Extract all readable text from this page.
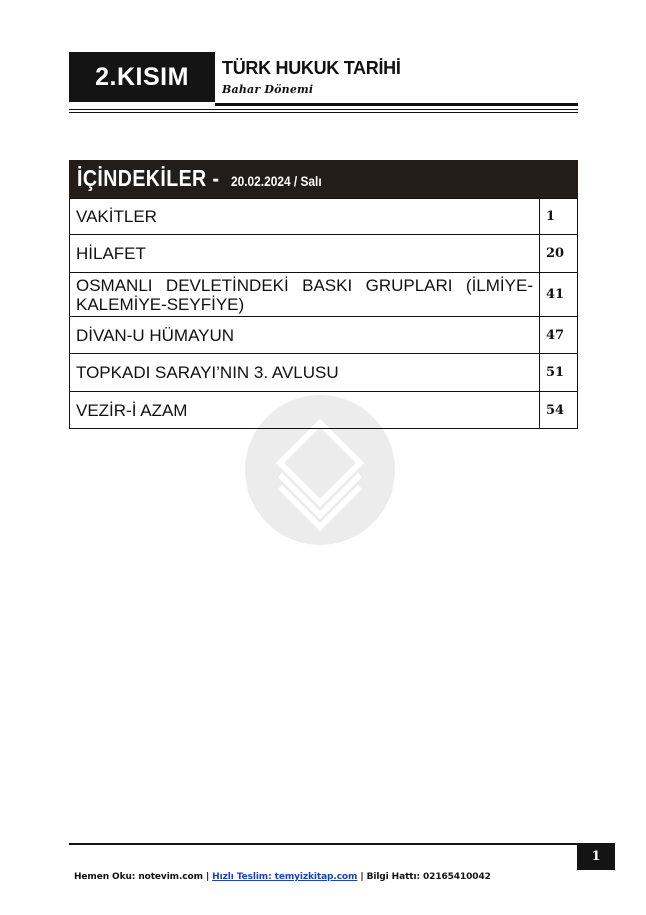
2.KISIM TÜRK HUKUK TARİHİ
Bahar Dönemi
İÇİNDEKİLER - 20.02.2024 / Salı
VAKİTLER	1
HİLAFET	20
OSMANLI DEVLETİNDEKİ BASKI GRUPLARI (İLMİYE-KALEMİYE-SEYFİYE)	41
DİVAN-U HÜMAYUN	47
TOPKADI SARAYI’NIN 3. AVLUSU	51
VEZİR-İ AZAM	54
1
Hemen Oku: notevim.com | Hızlı Teslim: temyizkitap.com | Bilgi Hattı: 02165410042
